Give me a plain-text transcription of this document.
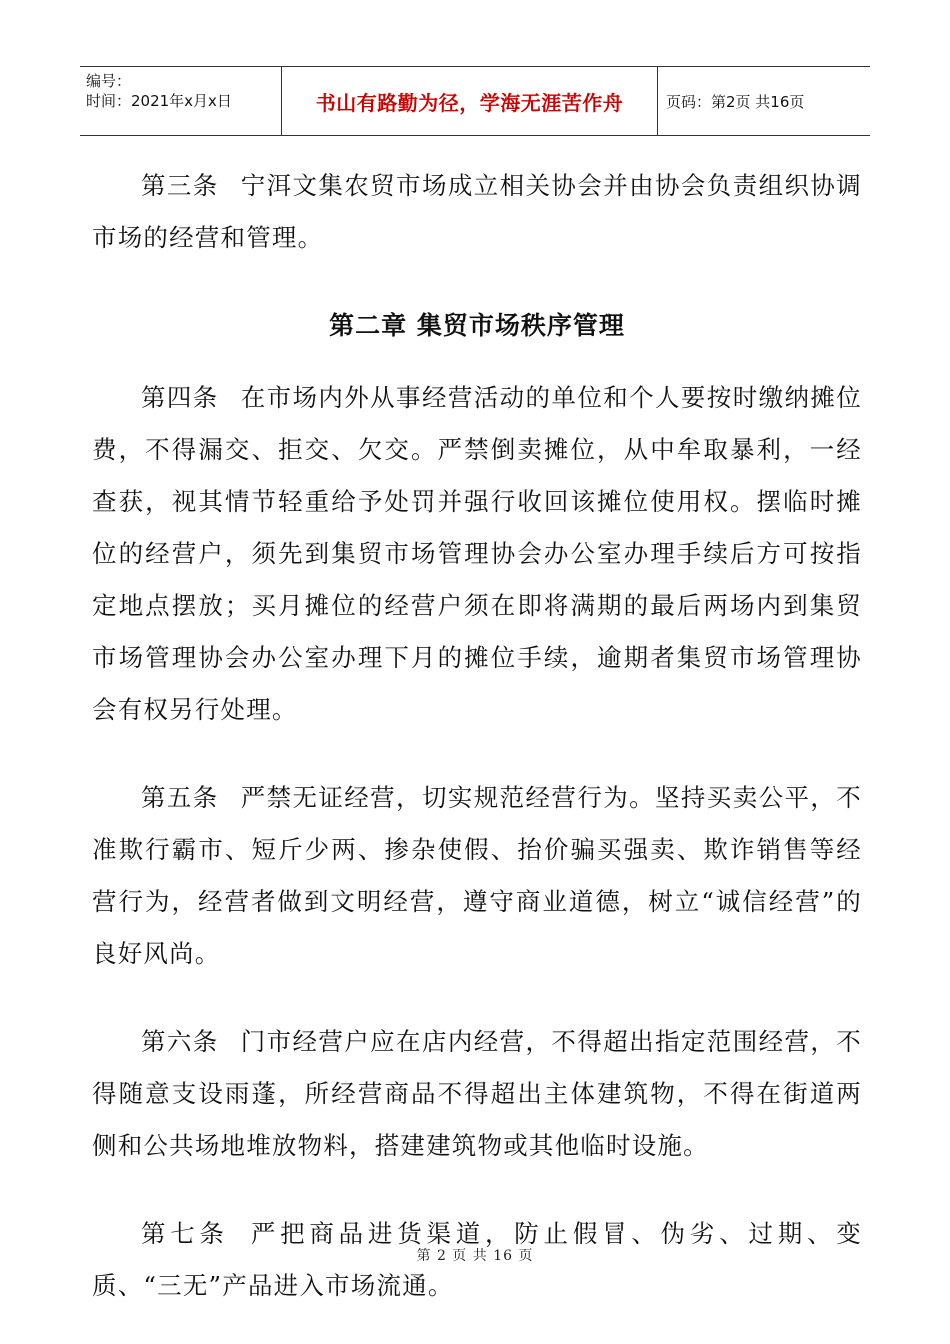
编号：
时间：2021年x月x日	书山有路勤为径，学海无涯苦作舟	页码：第2页 共16页

第三条 宁洱文集农贸市场成立相关协会并由协会负责组织协调市场的经营和管理。

第二章 集贸市场秩序管理

第四条 在市场内外从事经营活动的单位和个人要按时缴纳摊位费，不得漏交、拒交、欠交。严禁倒卖摊位，从中牟取暴利，一经查获，视其情节轻重给予处罚并强行收回该摊位使用权。摆临时摊位的经营户，须先到集贸市场管理协会办公室办理手续后方可按指定地点摆放；买月摊位的经营户须在即将满期的最后两场内到集贸市场管理协会办公室办理下月的摊位手续，逾期者集贸市场管理协会有权另行处理。

第五条 严禁无证经营，切实规范经营行为。坚持买卖公平，不准欺行霸市、短斤少两、掺杂使假、抬价骗买强卖、欺诈销售等经营行为，经营者做到文明经营，遵守商业道德，树立“诚信经营”的良好风尚。

第六条 门市经营户应在店内经营，不得超出指定范围经营，不得随意支设雨蓬，所经营商品不得超出主体建筑物，不得在街道两侧和公共场地堆放物料，搭建建筑物或其他临时设施。

第七条 严把商品进货渠道，防止假冒、伪劣、过期、变质、“三无”产品进入市场流通。

第 2 页 共 16 页
